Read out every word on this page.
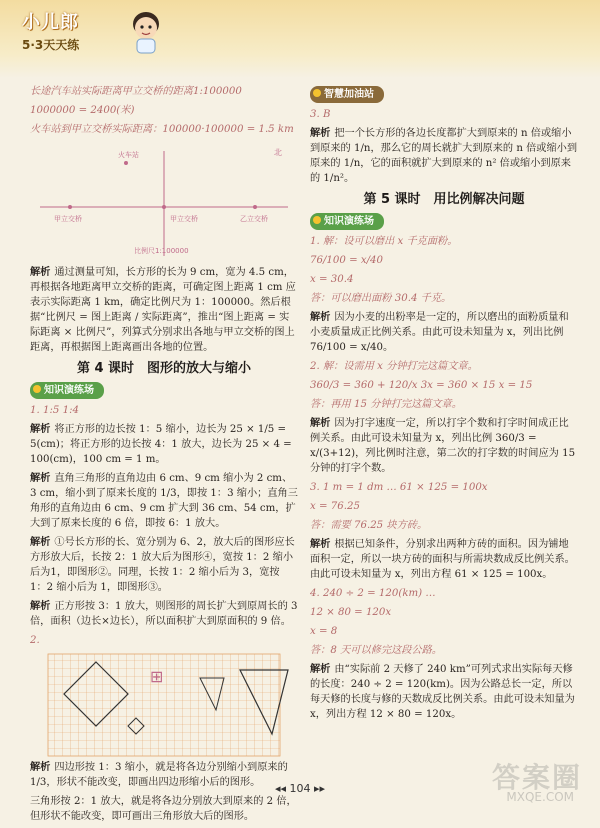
小儿郎
5·3天天练

长途汽车站实际距离甲立交桥的距离1:100000

1000000 = 2400(米)

火车站到甲立交桥实际距离：100000·100000 = 1.5 km

火车站
甲立交桥	甲立交桥	乙立交桥
比例尺1:100000
北

解析 通过测量可知，长方形的长为 9 cm，宽为 4.5 cm，再根据各地距离甲立交桥的距离，可确定图上距离 1 cm 应表示实际距离 1 km，确定比例尺为 1：100000。然后根据“比例尺 = 图上距离 / 实际距离”，推出“图上距离 = 实际距离 × 比例尺”，列算式分别求出各地与甲立交桥的图上距离，再根据图上距离画出各地的位置。

第 4 课时　图形的放大与缩小
知识演练场

1. 1:5 1:4

解析 将正方形的边长按 1：5 缩小，边长为 25 × 1/5 = 5(cm)；将正方形的边长按 4：1 放大，边长为 25 × 4 = 100(cm)，100 cm = 1 m。

解析 直角三角形的直角边由 6 cm、9 cm 缩小为 2 cm、3 cm，缩小到了原来长度的 1/3，即按 1：3 缩小；直角三角形的直角边由 6 cm、9 cm 扩大到 36 cm、54 cm，扩大到了原来长度的 6 倍，即按 6：1 放大。

解析 ①号长方形的长、宽分别为 6、2，放大后的图形应长方形放大后，长按 2：1 放大后为图形④，宽按 1：2 缩小后为1，即图形②。同理，长按 1：2 缩小后为 3，宽按 1：2 缩小后为 1，即图形③。

解析 正方形按 3：1 放大，则图形的周长扩大到原周长的 3 倍，面积（边长×边长），所以面积扩大到原面积的 9 倍。

2.

⊞

解析 四边形按 1：3 缩小，就是将各边分别缩小到原来的 1/3，形状不能改变，即画出四边形缩小后的图形。

三角形按 2：1 放大，就是将各边分别放大到原来的 2 倍，但形状不能改变，即可画出三角形放大后的图形。

智慧加油站

3. B

解析 把一个长方形的各边长度都扩大到原来的 n 倍或缩小到原来的 1/n，那么它的周长就扩大到原来的 n 倍或缩小到原来的 1/n，它的面积就扩大到原来的 n² 倍或缩小到原来的 1/n²。

第 5 课时　用比例解决问题
知识演练场

1. 解：设可以磨出 x 千克面粉。

76/100 = x/40

x = 30.4

答：可以磨出面粉 30.4 千克。

解析 因为小麦的出粉率是一定的，所以磨出的面粉质量和小麦质量成正比例关系。由此可设未知量为 x，列出比例 76/100 = x/40。

2. 解：设需用 x 分钟打完这篇文章。

360/3 = 360 + 120/x 3x = 360 × 15 x = 15

答：再用 15 分钟打完这篇文章。

解析 因为打字速度一定，所以打字个数和打字时间成正比例关系。由此可设未知量为 x，列出比例 360/3 = x/(3+12)，列比例时注意，第二次的打字数的时间应为 15 分钟的打字个数。

3. 1 m = 1 dm … 61 × 125 = 100x

x = 76.25

答：需要 76.25 块方砖。

解析 根据已知条件，分别求出两种方砖的面积。因为铺地面积一定，所以一块方砖的面积与所需块数成反比例关系。由此可设未知量为 x，列出方程 61 × 125 = 100x。

4. 240 ÷ 2 = 120(km) …

12 × 80 = 120x

x = 8

答：8 天可以修完这段公路。

解析 由“实际前 2 天修了 240 km”可列式求出实际每天修的长度：240 ÷ 2 = 120(km)。因为公路总长一定，所以每天修的长度与修的天数成反比例关系。由此可设未知量为 x，列出方程 12 × 80 = 120x。

◂◂ 104 ▸▸	答案圈
MXQE.COM
